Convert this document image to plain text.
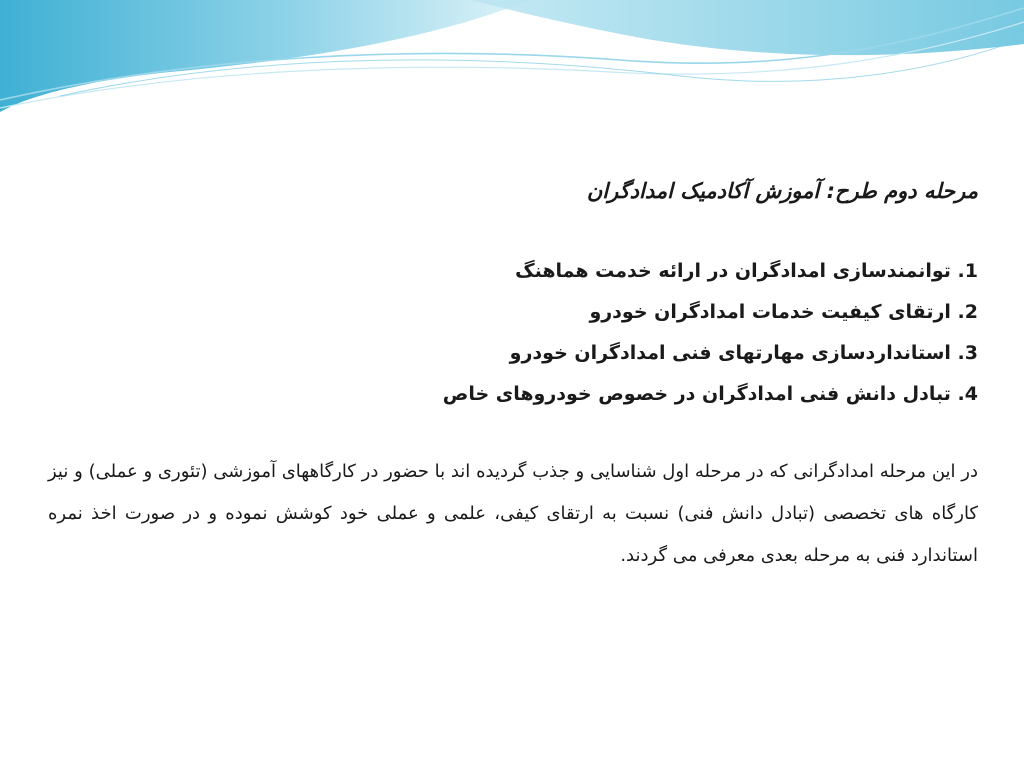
مرحله دوم طرح: آموزش آکادمیک امدادگران
1. توانمندسازی امدادگران در ارائه خدمت هماهنگ
2. ارتقای کیفیت خدمات امدادگران خودرو
3. استانداردسازی مهارتهای فنی امدادگران خودرو
4. تبادل دانش فنی امدادگران در خصوص خودروهای خاص

در این مرحله امدادگرانی که در مرحله اول شناسایی و جذب گردیده اند با حضور در کارگاههای آموزشی (تئوری و عملی) و نیز کارگاه های تخصصی (تبادل دانش فنی) نسبت به ارتقای کیفی، علمی و عملی خود کوشش نموده و در صورت اخذ نمره استاندارد فنی به مرحله بعدی معرفی می گردند.
